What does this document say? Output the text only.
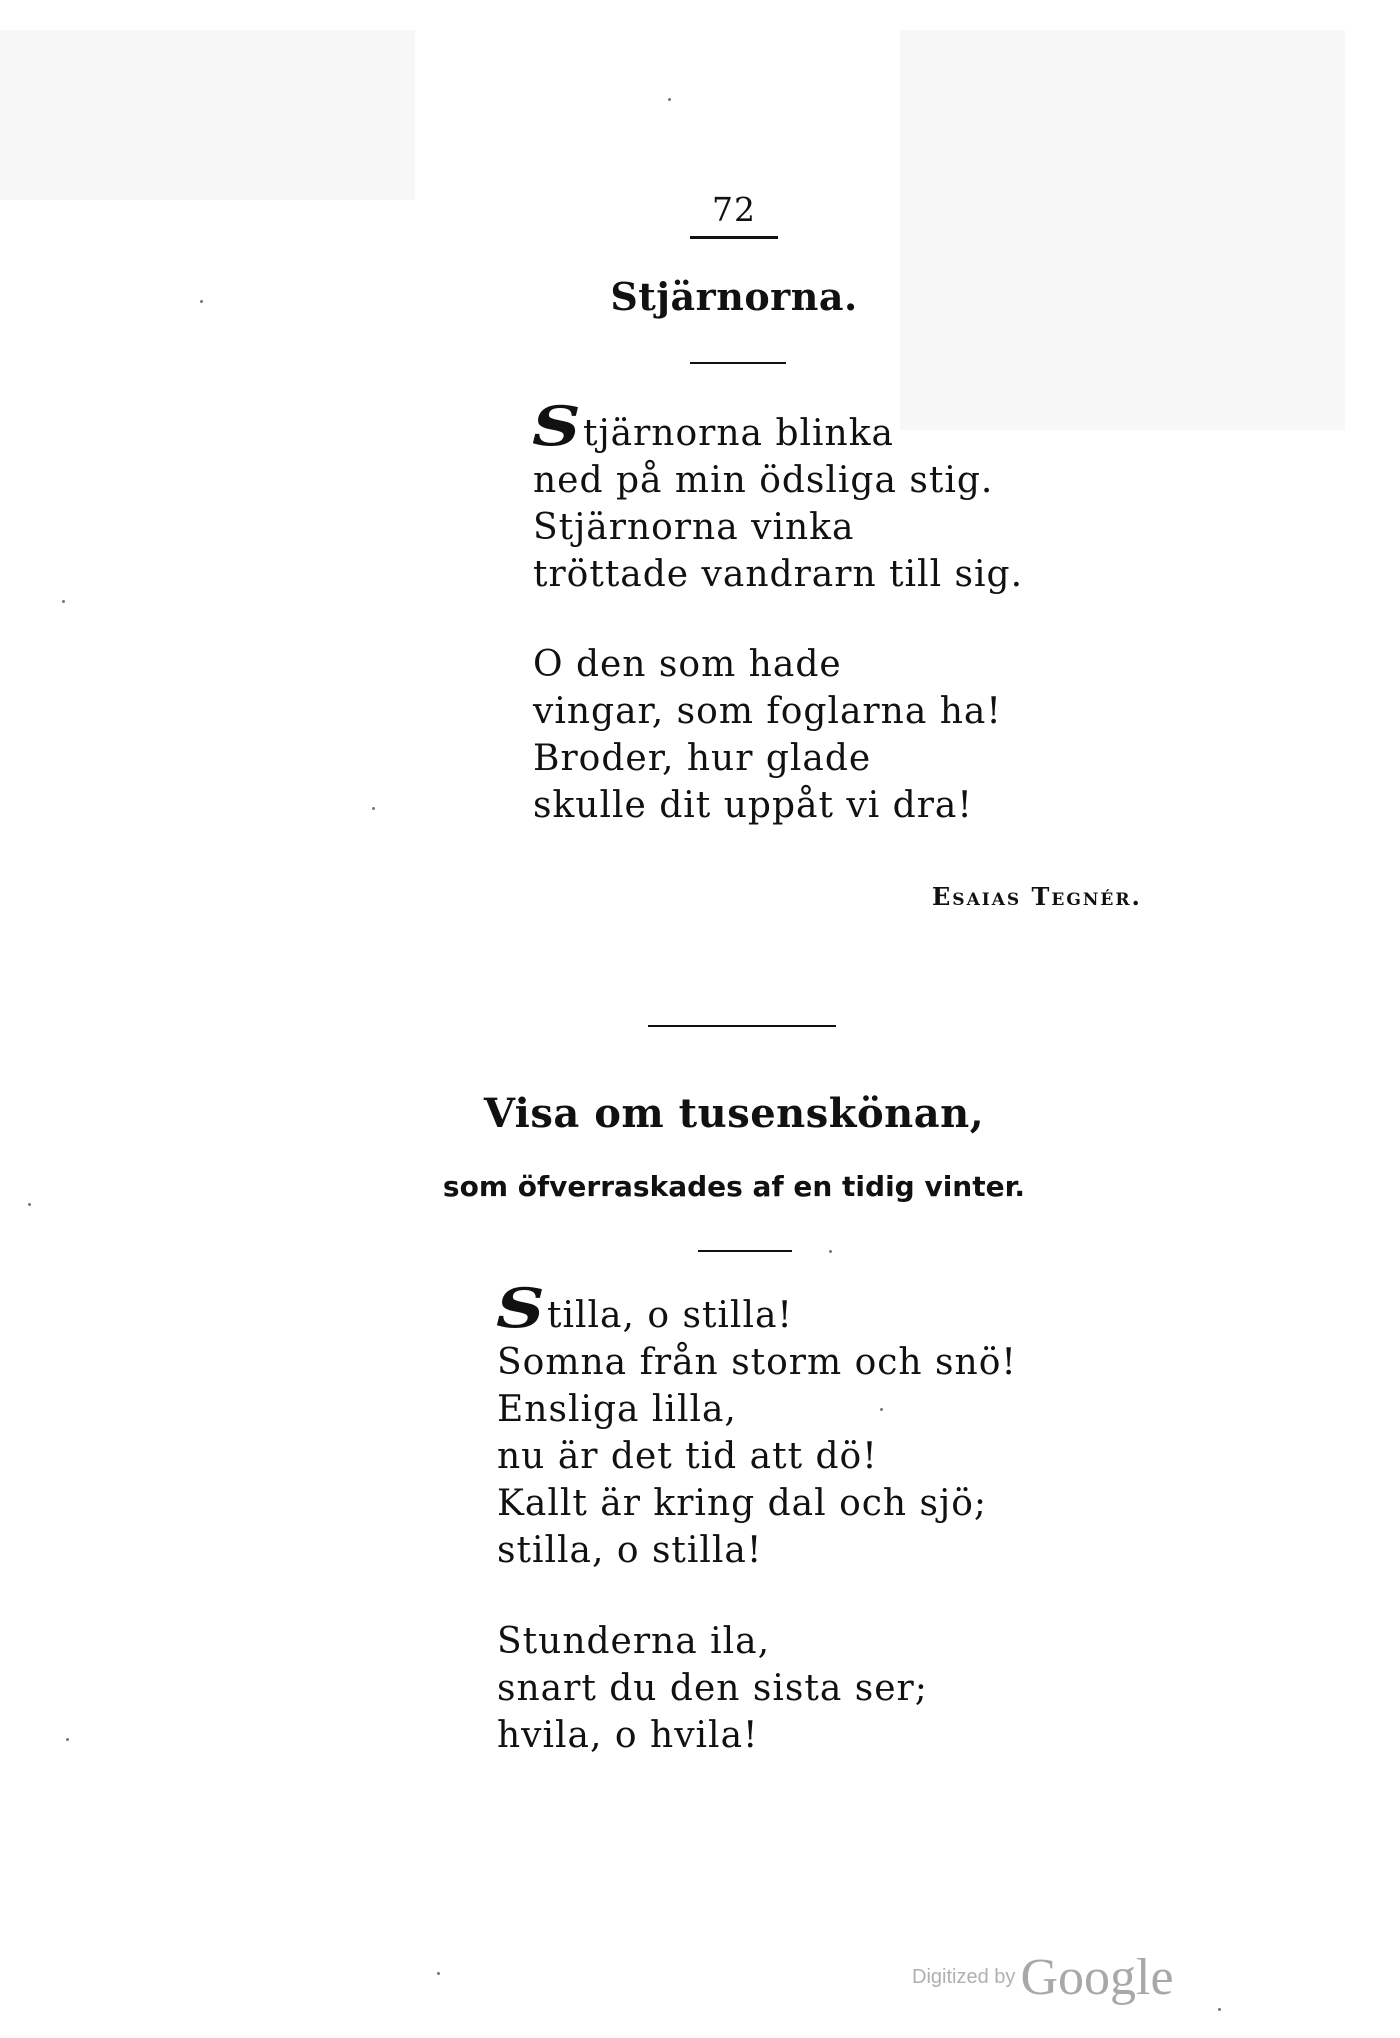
72
Stjärnorna.
Stjärnorna blinka
ned på min ödsliga stig.
Stjärnorna vinka
tröttade vandrarn till sig.
O den som hade
vingar, som foglarna ha!
Broder, hur glade
skulle dit uppåt vi dra!
Esaias Tegnér.
Visa om tusenskönan,
som öfverraskades af en tidig vinter.
Stilla, o stilla!
Somna från storm och snö!
Ensliga lilla,
nu är det tid att dö!
Kallt är kring dal och sjö;
stilla, o stilla!
Stunderna ila,
snart du den sista ser;
hvila, o hvila!
Digitized by Google
